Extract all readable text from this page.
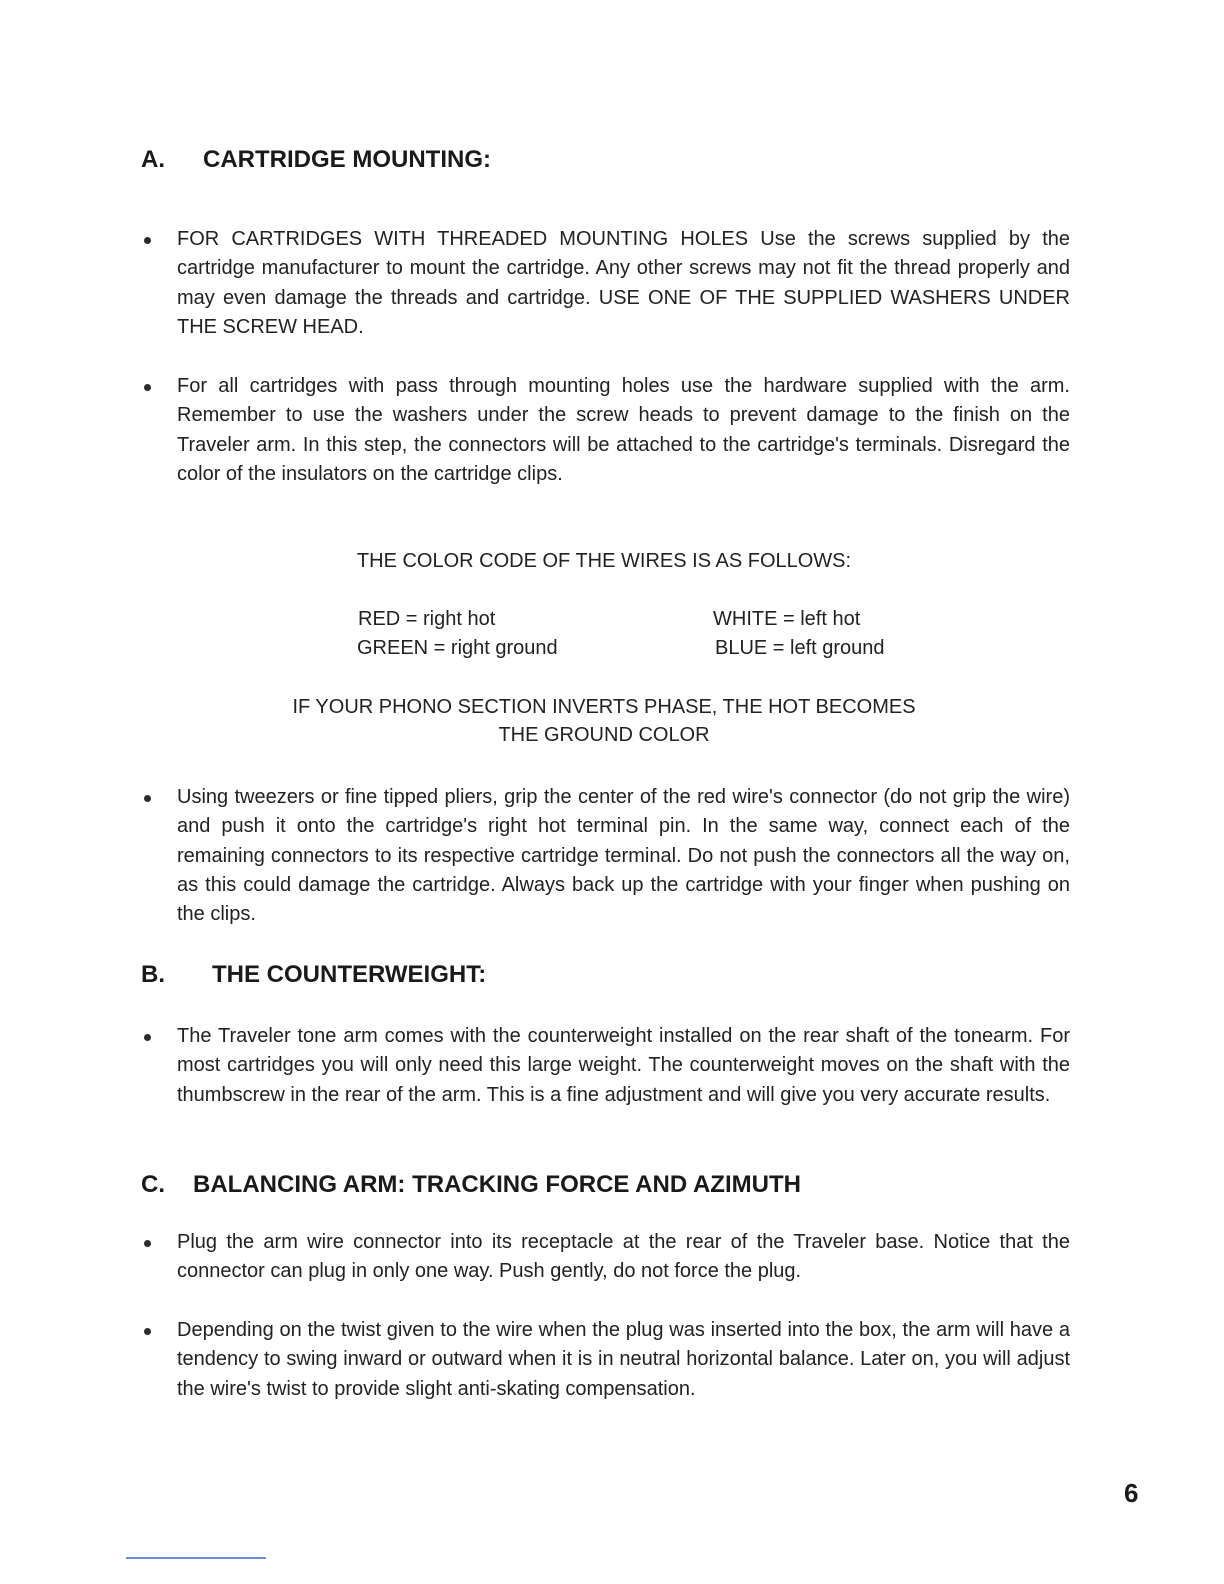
A. CARTRIDGE MOUNTING:
FOR CARTRIDGES WITH THREADED MOUNTING HOLES Use the screws supplied by the cartridge manufacturer to mount the cartridge. Any other screws may not fit the thread properly and may even damage the threads and cartridge. USE ONE OF THE SUPPLIED WASHERS UNDER THE SCREW HEAD.
For all cartridges with pass through mounting holes use the hardware supplied with the arm. Remember to use the washers under the screw heads to prevent damage to the finish on the Traveler arm. In this step, the connectors will be attached to the cartridge's terminals. Disregard the color of the insulators on the cartridge clips.
THE COLOR CODE OF THE WIRES IS AS FOLLOWS:
RED = right hot
GREEN = right ground
WHITE = left hot
BLUE = left ground
IF YOUR PHONO SECTION INVERTS PHASE, THE HOT BECOMES
THE GROUND COLOR
Using tweezers or fine tipped pliers, grip the center of the red wire's connector (do not grip the wire) and push it onto the cartridge's right hot terminal pin. In the same way, connect each of the remaining connectors to its respective cartridge terminal. Do not push the connectors all the way on, as this could damage the cartridge. Always back up the cartridge with your finger when pushing on the clips.
B. THE COUNTERWEIGHT:
The Traveler tone arm comes with the counterweight installed on the rear shaft of the tonearm. For most cartridges you will only need this large weight. The counterweight moves on the shaft with the thumbscrew in the rear of the arm. This is a fine adjustment and will give you very accurate results.
C. BALANCING ARM: TRACKING FORCE AND AZIMUTH
Plug the arm wire connector into its receptacle at the rear of the Traveler base. Notice that the connector can plug in only one way. Push gently, do not force the plug.
Depending on the twist given to the wire when the plug was inserted into the box, the arm will have a tendency to swing inward or outward when it is in neutral horizontal balance. Later on, you will adjust the wire's twist to provide slight anti-skating compensation.
6
